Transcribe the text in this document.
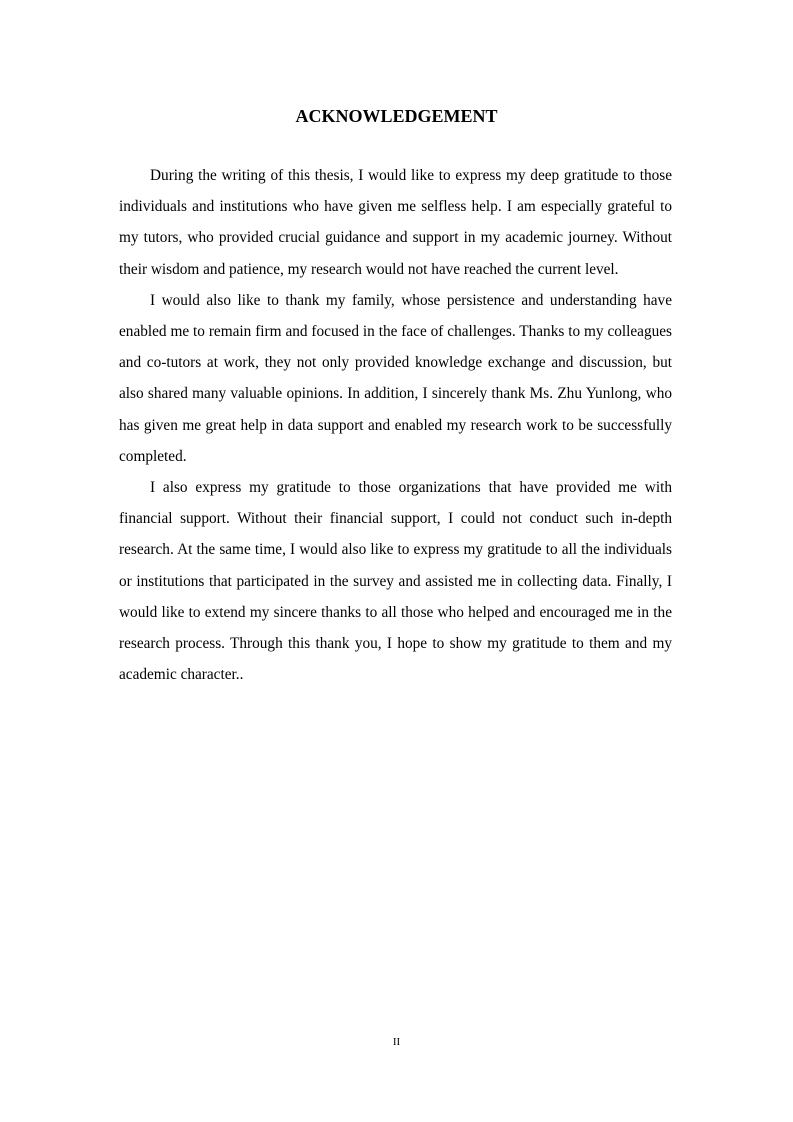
ACKNOWLEDGEMENT

During the writing of this thesis, I would like to express my deep gratitude to those individuals and institutions who have given me selfless help. I am especially grateful to my tutors, who provided crucial guidance and support in my academic journey. Without their wisdom and patience, my research would not have reached the current level.

I would also like to thank my family, whose persistence and understanding have enabled me to remain firm and focused in the face of challenges. Thanks to my colleagues and co-tutors at work, they not only provided knowledge exchange and discussion, but also shared many valuable opinions. In addition, I sincerely thank Ms. Zhu Yunlong, who has given me great help in data support and enabled my research work to be successfully completed.

I also express my gratitude to those organizations that have provided me with financial support. Without their financial support, I could not conduct such in-depth research. At the same time, I would also like to express my gratitude to all the individuals or institutions that participated in the survey and assisted me in collecting data. Finally, I would like to extend my sincere thanks to all those who helped and encouraged me in the research process. Through this thank you, I hope to show my gratitude to them and my academic character..

II
